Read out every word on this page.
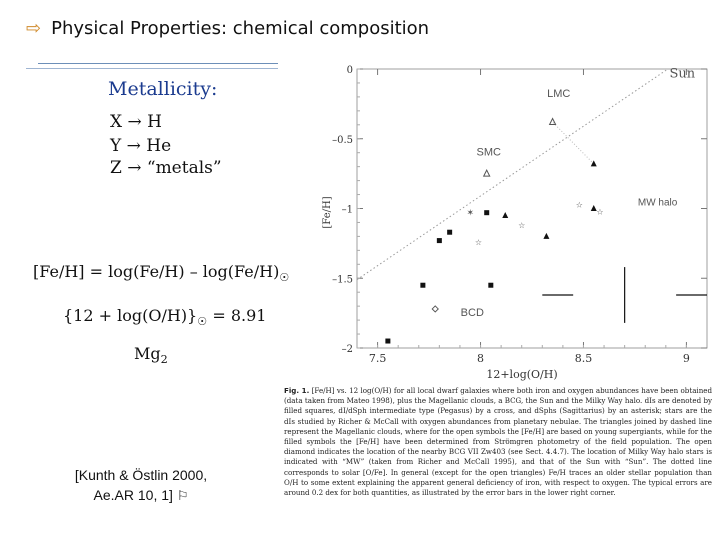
⇨ Physical Properties: chemical composition
Metallicity:
X → H
Y → He
Z → “metals”
$[Fe/H] = \log(Fe/H) - \log(Fe/H)_☉$
$\{12 + \log(O/H)\}_☉ = 8.91$
$Mg_2$
[Kunth & Östlin 2000,
Ae.AR 10, 1] ⚐
7.5	8	8.5	9
0
–0.5
–1
–1.5
–2
12+log(O/H)
[Fe/H]
☆
☆
☆
☆
✶
Sun
LMC
SMC
MW halo
BCD
Fig. 1. [Fe/H] vs. 12 log(O/H) for all local dwarf galaxies where both iron and oxygen abundances have been obtained (data taken from Mateo 1998), plus the Magellanic clouds, a BCG, the Sun and the Milky Way halo. dIs are denoted by filled squares, dI/dSph intermediate type (Pegasus) by a cross, and dSphs (Sagittarius) by an asterisk; stars are the dIs studied by Richer & McCall with oxygen abundances from planetary nebulae. The triangles joined by dashed line represent the Magellanic clouds, where for the open symbols the [Fe/H] are based on young supergiants, while for the filled symbols the [Fe/H] have been determined from Strömgren photometry of the field population. The open diamond indicates the location of the nearby BCG VII Zw403 (see Sect. 4.4.7). The location of Milky Way halo stars is indicated with “MW” (taken from Richer and McCall 1995), and that of the Sun with “Sun”. The dotted line corresponds to solar [O/Fe]. In general (except for the open triangles) Fe/H traces an older stellar population than O/H to some extent explaining the apparent general deficiency of iron, with respect to oxygen. The typical errors are around 0.2 dex for both quantities, as illustrated by the error bars in the lower right corner.
